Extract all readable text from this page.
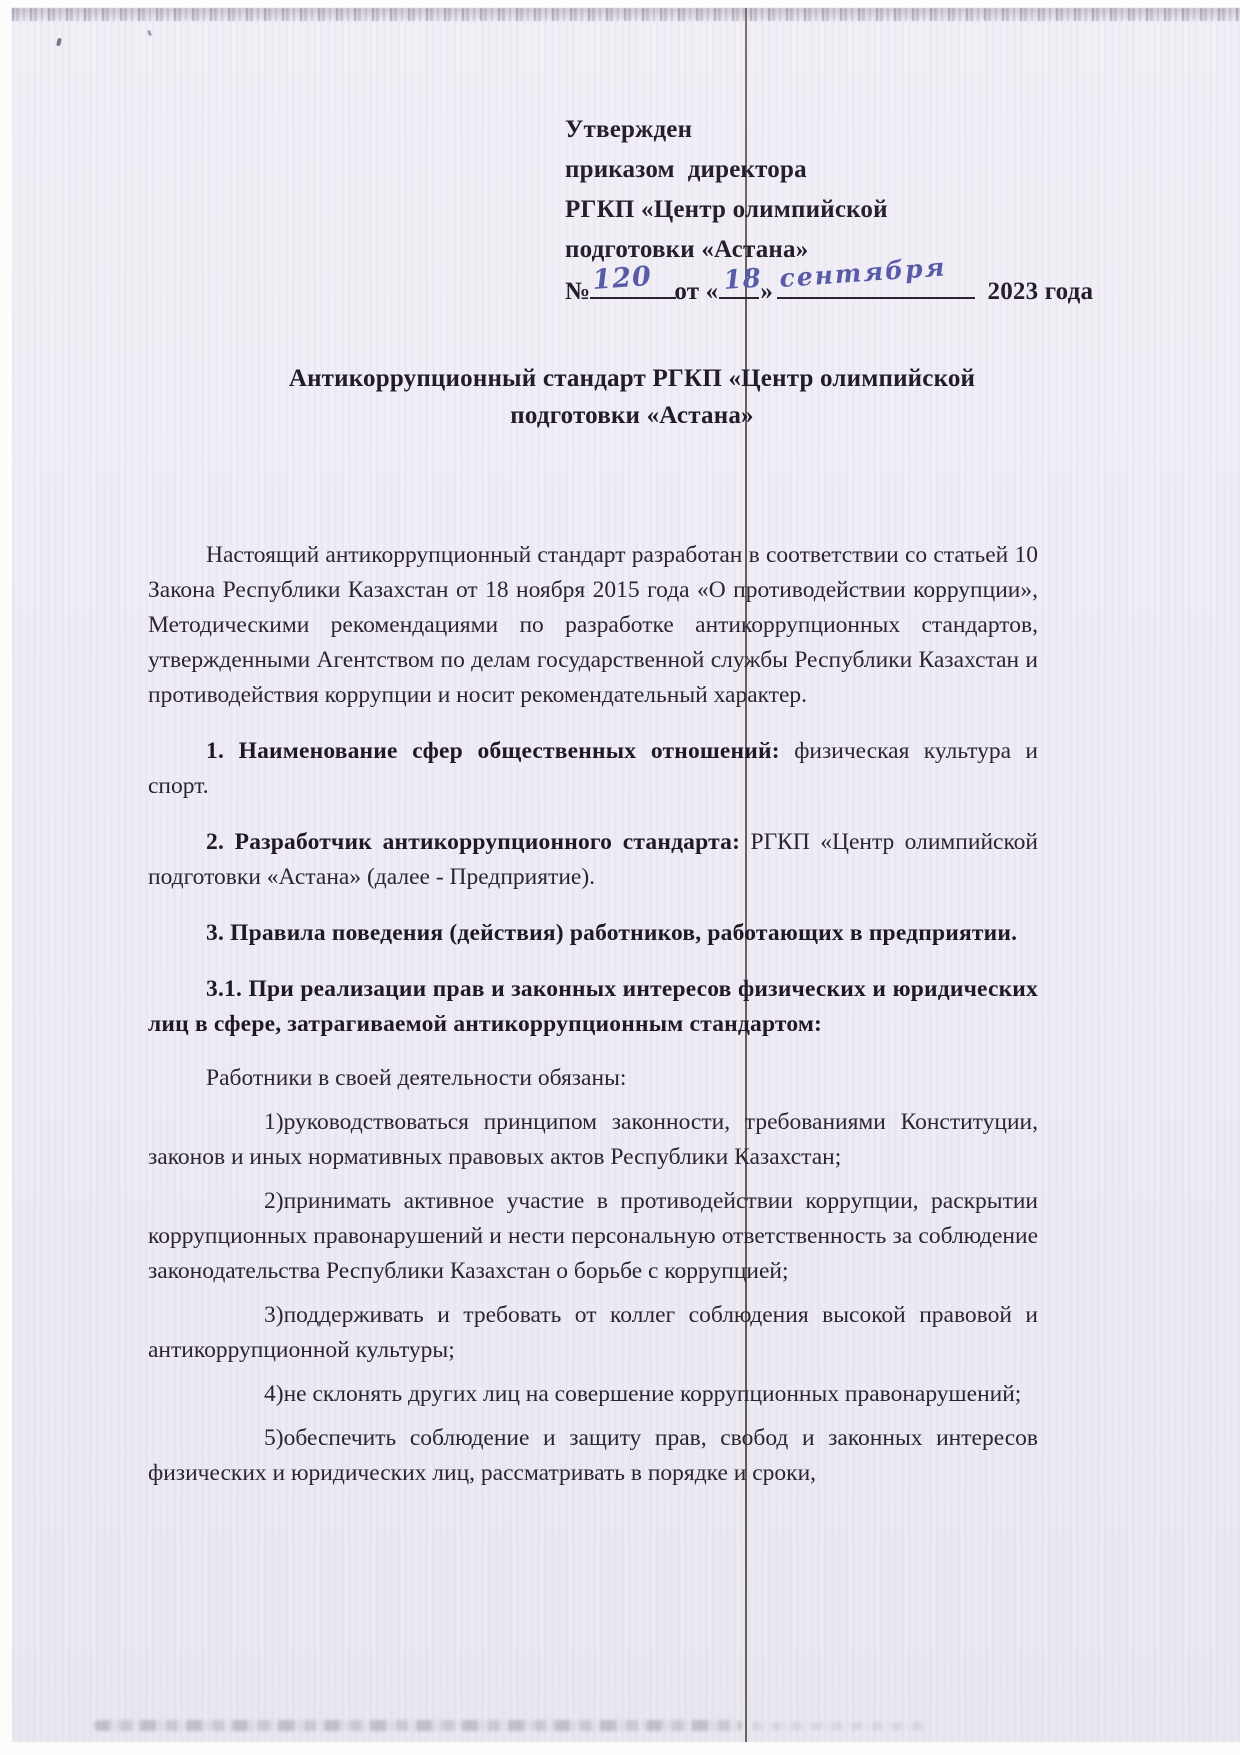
Утвержден
приказом  директора
РГКП «Центр олимпийской
подготовки «Астана»
№ 120 от « 18
» сентября 2023 года
Антикоррупционный стандарт РГКП «Центр олимпийской подготовки «Астана»

Настоящий антикоррупционный стандарт разработан в соответствии со статьей 10 Закона Республики Казахстан от 18 ноября 2015 года «О противодействии коррупции», Методическими рекомендациями по разработке антикоррупционных стандартов, утвержденными Агентством по делам государственной службы Республики Казахстан и противодействия коррупции и носит рекомендательный характер.

1. Наименование сфер общественных отношений: физическая культура и спорт.

2. Разработчик антикоррупционного стандарта: РГКП «Центр олимпийской подготовки «Астана» (далее - Предприятие).

3. Правила поведения (действия) работников, работающих в предприятии.

3.1. При реализации прав и законных интересов физических и юридических лиц в сфере, затрагиваемой антикоррупционным стандартом:

Работники в своей деятельности обязаны:

1)руководствоваться принципом законности, требованиями Конституции, законов и иных нормативных правовых актов Республики Казахстан;

2)принимать активное участие в противодействии коррупции, раскрытии коррупционных правонарушений и нести персональную ответственность за соблюдение законодательства Республики Казахстан о борьбе с коррупцией;

3)поддерживать и требовать от коллег соблюдения высокой правовой и антикоррупционной культуры;

4)не склонять других лиц на совершение коррупционных правонарушений;

5)обеспечить соблюдение и защиту прав, свобод и законных интересов физических и юридических лиц, рассматривать в порядке и сроки,
